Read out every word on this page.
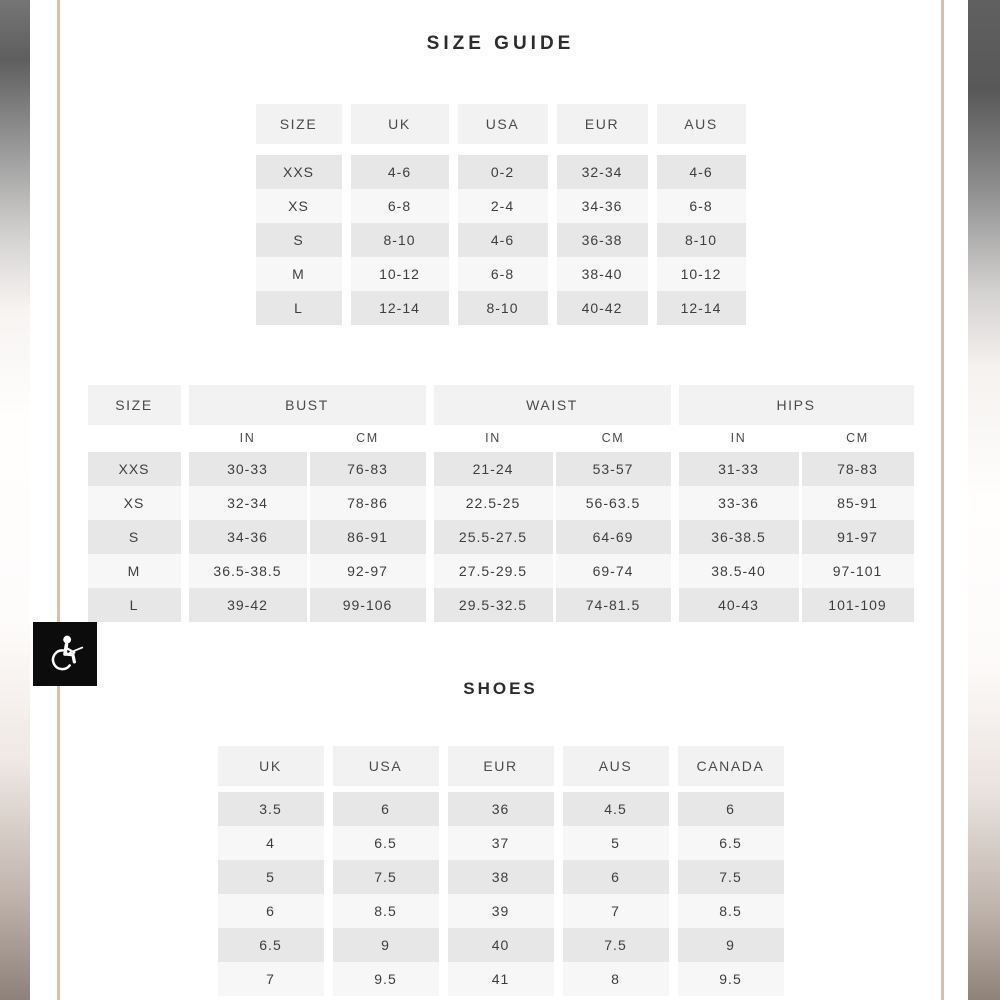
SIZE GUIDE
SIZE	UK	USA	EUR	AUS
XXS	4-6	0-2	32-34	4-6
XS	6-8	2-4	34-36	6-8
S	8-10	4-6	36-38	8-10
M	10-12	6-8	38-40	10-12
L	12-14	8-10	40-42	12-14
SIZE	BUST	WAIST	HIPS
IN	CM	IN	CM	IN	CM
XXS	30-33	76-83	21-24	53-57	31-33	78-83
XS	32-34	78-86	22.5-25	56-63.5	33-36	85-91
S	34-36	86-91	25.5-27.5	64-69	36-38.5	91-97
M	36.5-38.5	92-97	27.5-29.5	69-74	38.5-40	97-101
L	39-42	99-106	29.5-32.5	74-81.5	40-43	101-109
SHOES
UK	USA	EUR	AUS	CANADA
3.5	6	36	4.5	6
4	6.5	37	5	6.5
5	7.5	38	6	7.5
6	8.5	39	7	8.5
6.5	9	40	7.5	9
7	9.5	41	8	9.5
